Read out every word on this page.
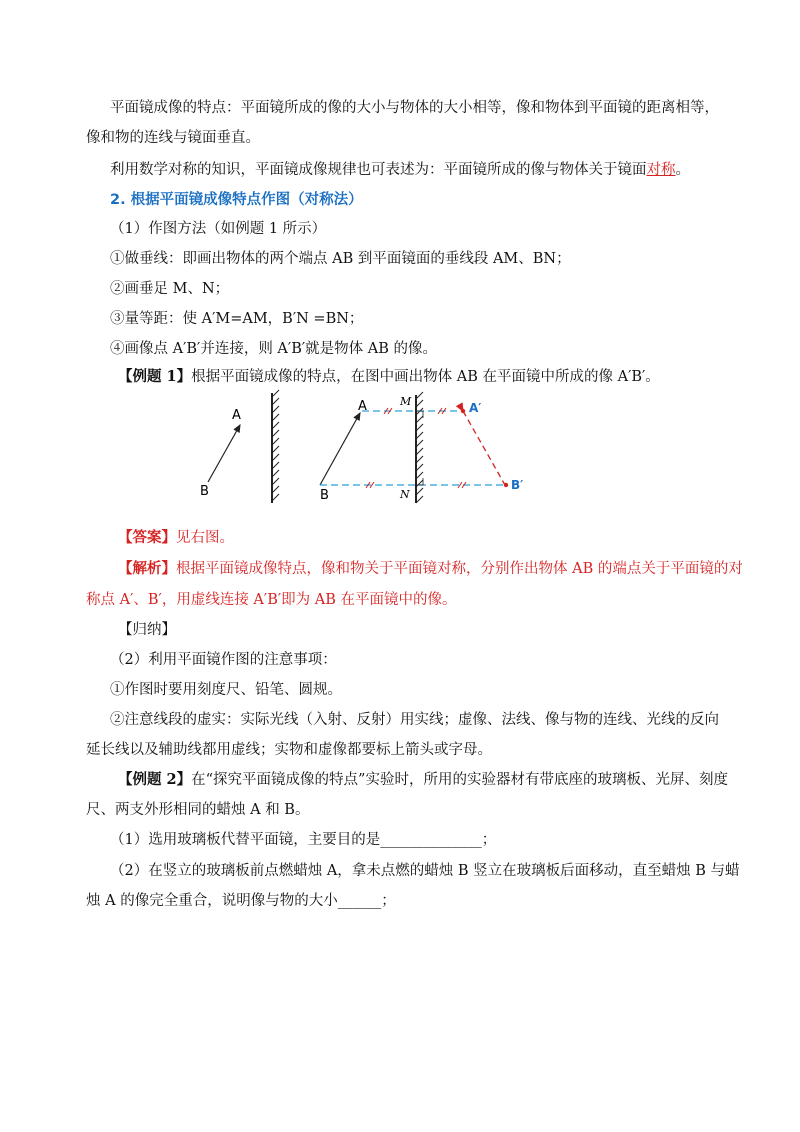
平面镜成像的特点：平面镜所成的像的大小与物体的大小相等，像和物体到平面镜的距离相等，
像和物的连线与镜面垂直。
利用数学对称的知识，平面镜成像规律也可表述为：平面镜所成的像与物体关于镜面对称。
2. 根据平面镜成像特点作图（对称法）
（1）作图方法（如例题 1 所示）
①做垂线：即画出物体的两个端点 AB 到平面镜面的垂线段 AM、BN；
②画垂足 M、N；
③量等距：使 A′M=AM，B′N =BN；
④画像点 A′B′并连接，则 A′B′就是物体 AB 的像。
【例题 1】根据平面镜成像的特点，在图中画出物体 AB 在平面镜中所成的像 A′B′。
A
B
A
B
M
N
A′
B′
【答案】见右图。
【解析】根据平面镜成像特点，像和物关于平面镜对称，分别作出物体 AB 的端点关于平面镜的对
称点 A′、B′，用虚线连接 A′B′即为 AB 在平面镜中的像。
【归纳】
（2）利用平面镜作图的注意事项：
①作图时要用刻度尺、铅笔、圆规。
②注意线段的虚实：实际光线（入射、反射）用实线；虚像、法线、像与物的连线、光线的反向
延长线以及辅助线都用虚线；实物和虚像都要标上箭头或字母。
【例题 2】在“探究平面镜成像的特点”实验时，所用的实验器材有带底座的玻璃板、光屏、刻度
尺、两支外形相同的蜡烛 A 和 B。
（1）选用玻璃板代替平面镜，主要目的是______________；
（2）在竖立的玻璃板前点燃蜡烛 A，拿未点燃的蜡烛 B 竖立在玻璃板后面移动，直至蜡烛 B 与蜡
烛 A 的像完全重合，说明像与物的大小______；
